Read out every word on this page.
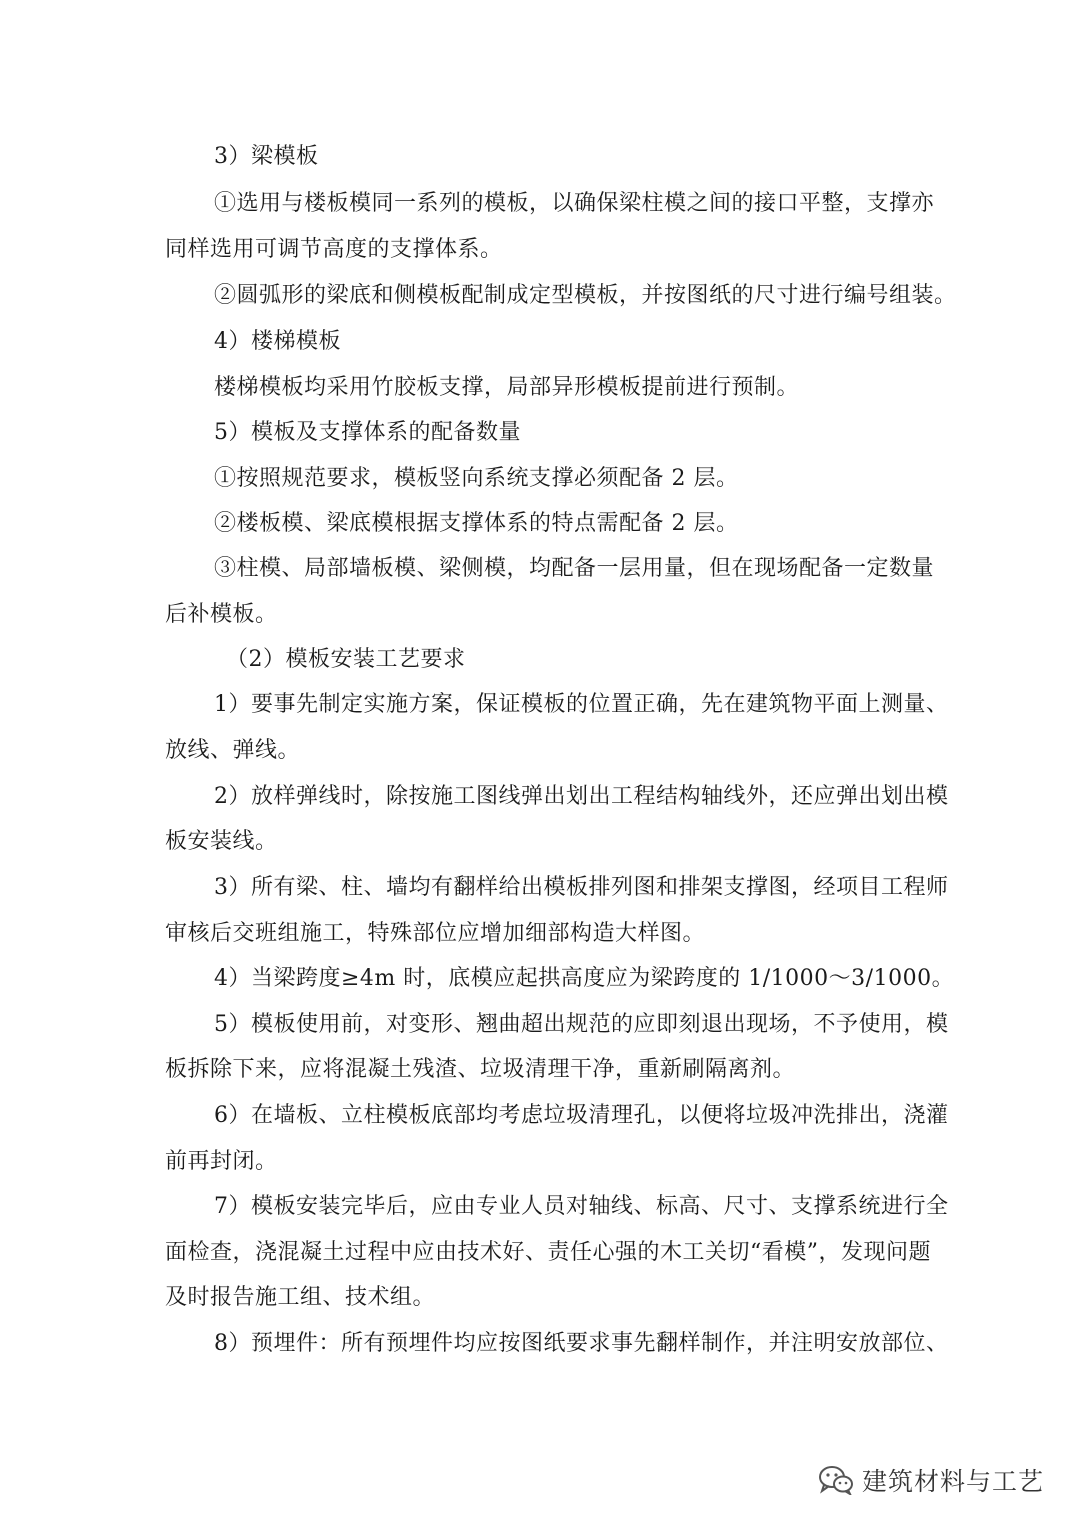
3）梁模板
①选用与楼板模同一系列的模板，以确保梁柱模之间的接口平整，支撑亦
同样选用可调节高度的支撑体系。
②圆弧形的梁底和侧模板配制成定型模板，并按图纸的尺寸进行编号组装。
4）楼梯模板
楼梯模板均采用竹胶板支撑，局部异形模板提前进行预制。
5）模板及支撑体系的配备数量
①按照规范要求，模板竖向系统支撑必须配备 2 层。
②楼板模、梁底模根据支撑体系的特点需配备 2 层。
③柱模、局部墙板模、梁侧模，均配备一层用量，但在现场配备一定数量
后补模板。
（2）模板安装工艺要求
1）要事先制定实施方案，保证模板的位置正确，先在建筑物平面上测量、
放线、弹线。
2）放样弹线时，除按施工图线弹出划出工程结构轴线外，还应弹出划出模
板安装线。
3）所有梁、柱、墙均有翻样给出模板排列图和排架支撑图，经项目工程师
审核后交班组施工，特殊部位应增加细部构造大样图。
4）当梁跨度≥4m 时，底模应起拱高度应为梁跨度的 1/1000～3/1000。
5）模板使用前，对变形、翘曲超出规范的应即刻退出现场，不予使用，模
板拆除下来，应将混凝土残渣、垃圾清理干净，重新刷隔离剂。
6）在墙板、立柱模板底部均考虑垃圾清理孔，以便将垃圾冲洗排出，浇灌
前再封闭。
7）模板安装完毕后，应由专业人员对轴线、标高、尺寸、支撑系统进行全
面检查，浇混凝土过程中应由技术好、责任心强的木工关切“看模”，发现问题
及时报告施工组、技术组。
8）预埋件：所有预埋件均应按图纸要求事先翻样制作，并注明安放部位、
建筑材料与工艺
